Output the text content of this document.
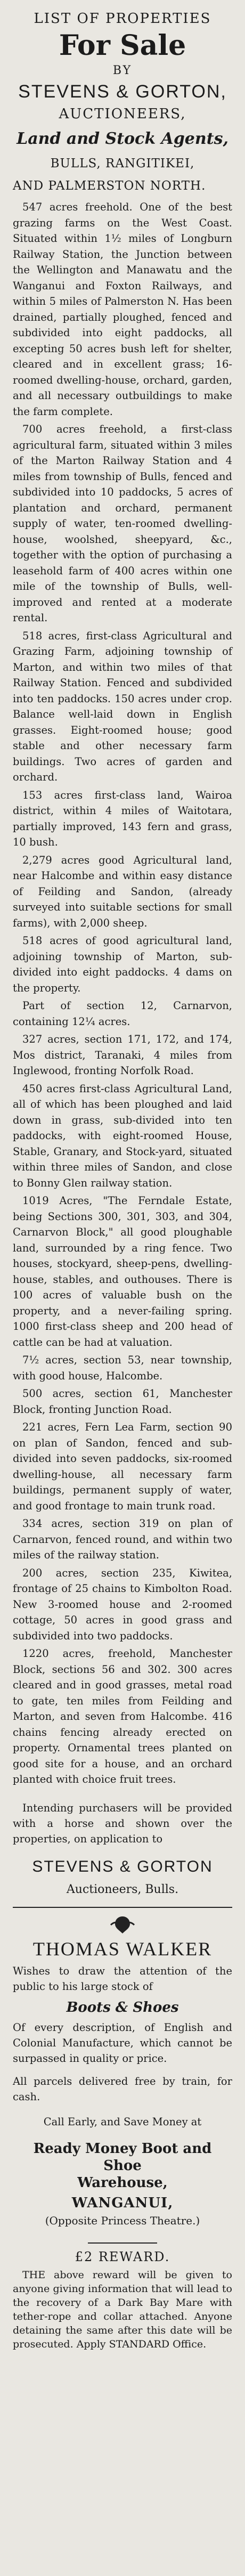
LIST OF PROPERTIES
For Sale
BY
STEVENS & GORTON,
AUCTIONEERS,
Land and Stock Agents,
BULLS, RANGITIKEI,
AND PALMERSTON NORTH.

547 acres freehold. One of the best grazing farms on the West Coast. Situated within 1½ miles of Longburn Railway Station, the Junction between the Wellington and Manawatu and the Wanganui and Foxton Railways, and within 5 miles of Palmerston N. Has been drained, partially ploughed, fenced and subdivided into eight paddocks, all excepting 50 acres bush left for shelter, cleared and in excellent grass; 16-roomed dwelling-house, orchard, garden, and all necessary outbuildings to make the farm complete.

700 acres freehold, a first-class agricultural farm, situated within 3 miles of the Marton Railway Station and 4 miles from township of Bulls, fenced and subdivided into 10 paddocks, 5 acres of plantation and orchard, permanent supply of water, ten-roomed dwelling-house, woolshed, sheepyard, &c., together with the option of purchasing a leasehold farm of 400 acres within one mile of the township of Bulls, well-improved and rented at a moderate rental.

518 acres, first-class Agricultural and Grazing Farm, adjoining township of Marton, and within two miles of that Railway Station. Fenced and subdivided into ten paddocks. 150 acres under crop. Balance well-laid down in English grasses. Eight-roomed house; good stable and other necessary farm buildings. Two acres of garden and orchard.

153 acres first-class land, Wairoa district, within 4 miles of Waitotara, partially improved, 143 fern and grass, 10 bush.

2,279 acres good Agricultural land, near Halcombe and within easy distance of Feilding and Sandon, (already surveyed into suitable sections for small farms), with 2,000 sheep.

518 acres of good agricultural land, adjoining township of Marton, sub-divided into eight paddocks. 4 dams on the property.

Part of section 12, Carnarvon, containing 12¼ acres.

327 acres, section 171, 172, and 174, Mos district, Taranaki, 4 miles from Inglewood, fronting Norfolk Road.

450 acres first-class Agricultural Land, all of which has been ploughed and laid down in grass, sub-divided into ten paddocks, with eight-roomed House, Stable, Granary, and Stock-yard, situated within three miles of Sandon, and close to Bonny Glen railway station.

1019 Acres, "The Ferndale Estate, being Sections 300, 301, 303, and 304, Carnarvon Block," all good ploughable land, surrounded by a ring fence. Two houses, stockyard, sheep-pens, dwelling-house, stables, and outhouses. There is 100 acres of valuable bush on the property, and a never-failing spring. 1000 first-class sheep and 200 head of cattle can be had at valuation.

7½ acres, section 53, near township, with good house, Halcombe.

500 acres, section 61, Manchester Block, fronting Junction Road.

221 acres, Fern Lea Farm, section 90 on plan of Sandon, fenced and sub-divided into seven paddocks, six-roomed dwelling-house, all necessary farm buildings, permanent supply of water, and good frontage to main trunk road.

334 acres, section 319 on plan of Carnarvon, fenced round, and within two miles of the railway station.

200 acres, section 235, Kiwitea, frontage of 25 chains to Kimbolton Road. New 3-roomed house and 2-roomed cottage, 50 acres in good grass and subdivided into two paddocks.

1220 acres, freehold, Manchester Block, sections 56 and 302. 300 acres cleared and in good grasses, metal road to gate, ten miles from Feilding and Marton, and seven from Halcombe. 416 chains fencing already erected on property. Ornamental trees planted on good site for a house, and an orchard planted with choice fruit trees.

Intending purchasers will be provided with a horse and shown over the properties, on application to

STEVENS & GORTON
Auctioneers, Bulls.
THOMAS WALKER
Wishes to draw the attention of the public to his large stock of
Boots & Shoes
Of every description, of English and Colonial Manufacture, which cannot be surpassed in quality or price.
All parcels delivered free by train, for cash.
Call Early, and Save Money at
Ready Money Boot and Shoe
Warehouse,
WANGANUI,
(Opposite Princess Theatre.)
£2 REWARD.

THE above reward will be given to anyone giving information that will lead to the recovery of a Dark Bay Mare with tether-rope and collar attached. Anyone detaining the same after this date will be prosecuted. Apply STANDARD Office.
